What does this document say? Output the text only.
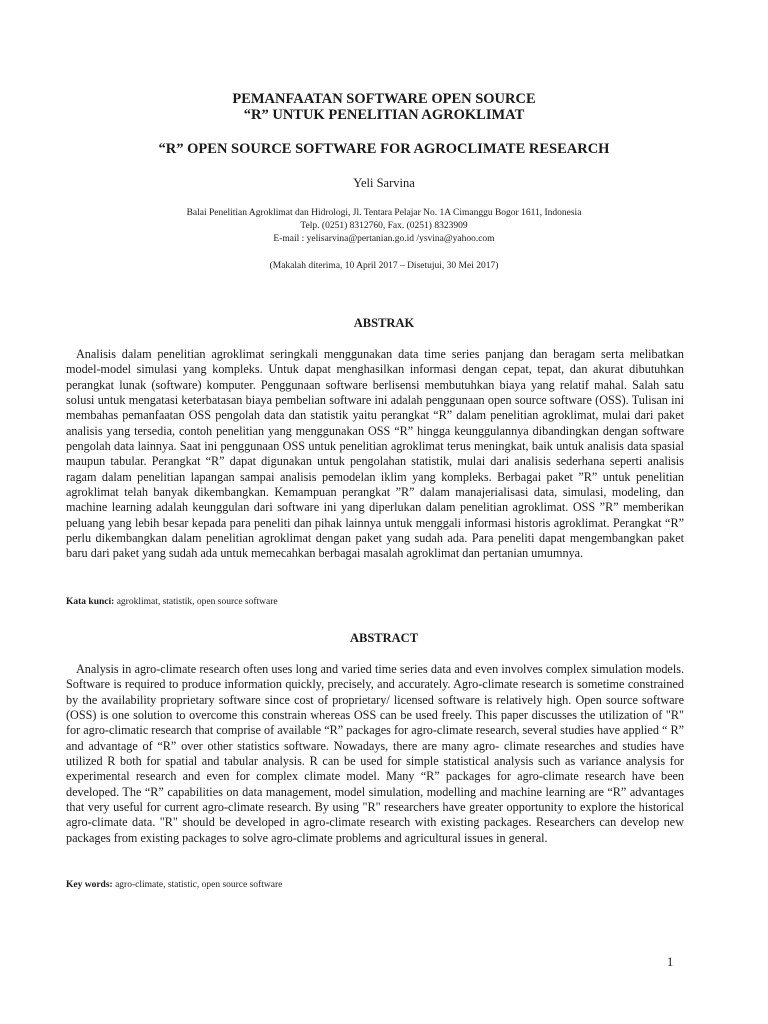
PEMANFAATAN SOFTWARE OPEN SOURCE
“R” UNTUK PENELITIAN AGROKLIMAT
“R” OPEN SOURCE SOFTWARE FOR AGROCLIMATE RESEARCH
Yeli Sarvina
Balai Penelitian Agroklimat dan Hidrologi, Jl. Tentara Pelajar No. 1A Cimanggu Bogor 1611, Indonesia
Telp. (0251) 8312760, Fax. (0251) 8323909
E-mail : yelisarvina@pertanian.go.id /ysvina@yahoo.com
(Makalah diterima, 10 April 2017 – Disetujui, 30 Mei 2017)
ABSTRAK
Analisis dalam penelitian agroklimat seringkali menggunakan data time series panjang dan beragam serta melibatkan model-model simulasi yang kompleks. Untuk dapat menghasilkan informasi dengan cepat, tepat, dan akurat dibutuhkan perangkat lunak (software) komputer. Penggunaan software berlisensi membutuhkan biaya yang relatif mahal. Salah satu solusi untuk mengatasi keterbatasan biaya pembelian software ini adalah penggunaan open source software (OSS). Tulisan ini membahas pemanfaatan OSS pengolah data dan statistik yaitu perangkat “R” dalam penelitian agroklimat, mulai dari paket analisis yang tersedia, contoh penelitian yang menggunakan OSS “R” hingga keunggulannya dibandingkan dengan software pengolah data lainnya. Saat ini penggunaan OSS untuk penelitian agroklimat terus meningkat, baik untuk analisis data spasial maupun tabular. Perangkat “R” dapat digunakan untuk pengolahan statistik, mulai dari analisis sederhana seperti analisis ragam dalam penelitian lapangan sampai analisis pemodelan iklim yang kompleks. Berbagai paket ”R” untuk penelitian agroklimat telah banyak dikembangkan. Kemampuan perangkat ”R” dalam manajerialisasi data, simulasi, modeling, dan machine learning adalah keunggulan dari software ini yang diperlukan dalam penelitian agroklimat. OSS ”R” memberikan peluang yang lebih besar kepada para peneliti dan pihak lainnya untuk menggali informasi historis agroklimat. Perangkat “R” perlu dikembangkan dalam penelitian agroklimat dengan paket yang sudah ada. Para peneliti dapat mengembangkan paket baru dari paket yang sudah ada untuk memecahkan berbagai masalah agroklimat dan pertanian umumnya.
Kata kunci: agroklimat, statistik, open source software
ABSTRACT
Analysis in agro-climate research often uses long and varied time series data and even involves complex simulation models. Software is required to produce information quickly, precisely, and accurately. Agro-climate research is sometime constrained by the availability proprietary software since cost of proprietary/ licensed software is relatively high. Open source software (OSS) is one solution to overcome this constrain whereas OSS can be used freely. This paper discusses the utilization of "R" for agro-climatic research that comprise of available “R” packages for agro-climate research, several studies have applied “ R” and advantage of “R” over other statistics software. Nowadays, there are many agro- climate researches and studies have utilized R both for spatial and tabular analysis. R can be used for simple statistical analysis such as variance analysis for experimental research and even for complex climate model. Many “R” packages for agro-climate research have been developed. The “R” capabilities on data management, model simulation, modelling and machine learning are “R” advantages that very useful for current agro-climate research. By using "R" researchers have greater opportunity to explore the historical agro-climate data. "R" should be developed in agro-climate research with existing packages. Researchers can develop new packages from existing packages to solve agro-climate problems and agricultural issues in general.
Key words: agro-climate, statistic, open source software
1
